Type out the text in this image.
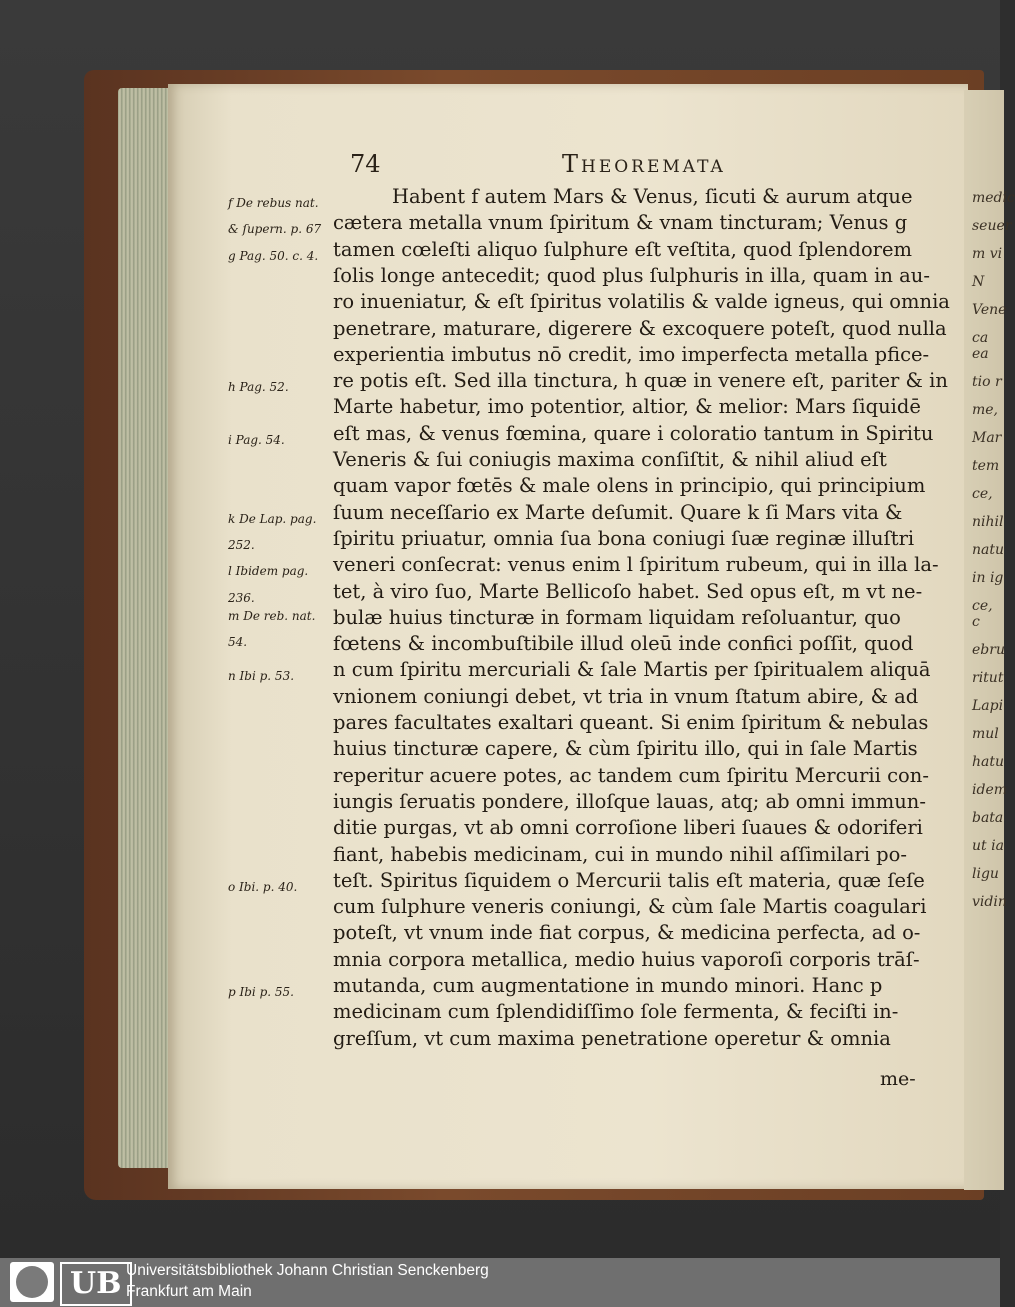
medic
seuer
m vi
N
Vene
ca ea
tio r
me,
Mar
tem
ce,
nihil
natu
in ig
ce, c
ebru
ritut
Lapi
mul
hatu
idem
bata
ut ia
ligu
vidin
74	Theoremata
Habent f autem Mars & Venus, ſicuti & aurum atque
cætera metalla vnum ſpiritum & vnam tincturam; Venus g
tamen cœleſti aliquo ſulphure eſt veſtita, quod ſplendorem
ſolis longe antecedit; quod plus ſulphuris in illa, quam in au-
ro inueniatur, & eſt ſpiritus volatilis & valde igneus, qui omnia
penetrare, maturare, digerere & excoquere poteſt, quod nulla
experientia imbutus nō credit, imo imperfecta metalla pfice-
re potis eſt. Sed illa tinctura, h quæ in venere eſt, pariter & in
Marte habetur, imo potentior, altior, & melior: Mars ſiquidē
eſt mas, & venus fœmina, quare i coloratio tantum in Spiritu
Veneris & ſui coniugis maxima conſiſtit, & nihil aliud eſt
quam vapor fœtēs & male olens in principio, qui principium
ſuum neceſſario ex Marte deſumit. Quare k ſi Mars vita &
ſpiritu priuatur, omnia ſua bona coniugi ſuæ reginæ illuſtri
veneri conſecrat: venus enim l ſpiritum rubeum, qui in illa la-
tet, à viro ſuo, Marte Bellicoſo habet. Sed opus eſt, m vt ne-
bulæ huius tincturæ in formam liquidam reſoluantur, quo
fœtens & incombuſtibile illud oleū inde confici poſſit, quod
n cum ſpiritu mercuriali & ſale Martis per ſpiritualem aliquā
vnionem coniungi debet, vt tria in vnum ſtatum abire, & ad
pares facultates exaltari queant. Si enim ſpiritum & nebulas
huius tincturæ capere, & cùm ſpiritu illo, qui in ſale Martis
reperitur acuere potes, ac tandem cum ſpiritu Mercurii con-
iungis ſeruatis pondere, illoſque lauas, atq; ab omni immun-
ditie purgas, vt ab omni corroſione liberi ſuaues & odoriferi
fiant, habebis medicinam, cui in mundo nihil aſſimilari po-
teſt. Spiritus ſiquidem o Mercurii talis eſt materia, quæ ſeſe
cum ſulphure veneris coniungi, & cùm ſale Martis coagulari
poteſt, vt vnum inde fiat corpus, & medicina perfecta, ad o-
mnia corpora metallica, medio huius vaporoſi corporis trāſ-
mutanda, cum augmentatione in mundo minori. Hanc p
medicinam cum ſplendidiſſimo ſole fermenta, & feciſti in-
greſſum, vt cum maxima penetratione operetur & omnia
f De rebus nat.
& ſupern. p. 67
g Pag. 50. c. 4.
h Pag. 52.
i Pag. 54.
k De Lap. pag.
252.
l Ibidem pag.
236.
m De reb. nat.
54.
n Ibi p. 53.
o Ibi. p. 40.
p Ibi p. 55.
me-
UB Universitätsbibliothek Johann Christian Senckenberg
Frankfurt am Main
